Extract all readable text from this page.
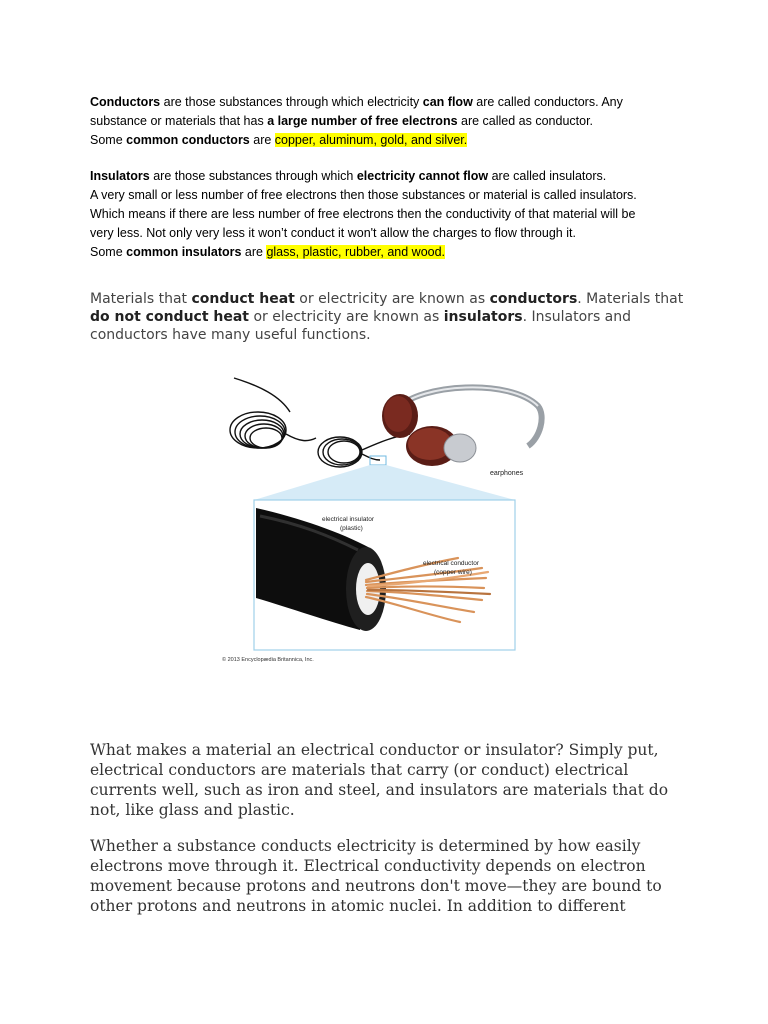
Conductors are those substances through which electricity can flow are called conductors. Any

substance or materials that has a large number of free electrons are called as conductor.

Some common conductors are copper, aluminum, gold, and silver.

Insulators are those substances through which electricity cannot flow are called insulators.

A very small or less number of free electrons then those substances or material is called insulators.

Which means if there are less number of free electrons then the conductivity of that material will be

very less. Not only very less it won’t conduct it won't allow the charges to flow through it.

Some common insulators are glass, plastic, rubber, and wood.

Materials that conduct heat or electricity are known as conductors. Materials that do not conduct heat or electricity are known as insulators. Insulators and conductors have many useful functions.

earphones
electrical insulator
(plastic)
electrical conductor
(copper wire)
© 2013 Encyclopædia Britannica, Inc.

What makes a material an electrical conductor or insulator? Simply put, electrical conductors are materials that carry (or conduct) electrical currents well, such as iron and steel, and insulators are materials that do not, like glass and plastic.

Whether a substance conducts electricity is determined by how easily electrons move through it. Electrical conductivity depends on electron movement because protons and neutrons don't move—they are bound to other protons and neutrons in atomic nuclei. In addition to different
